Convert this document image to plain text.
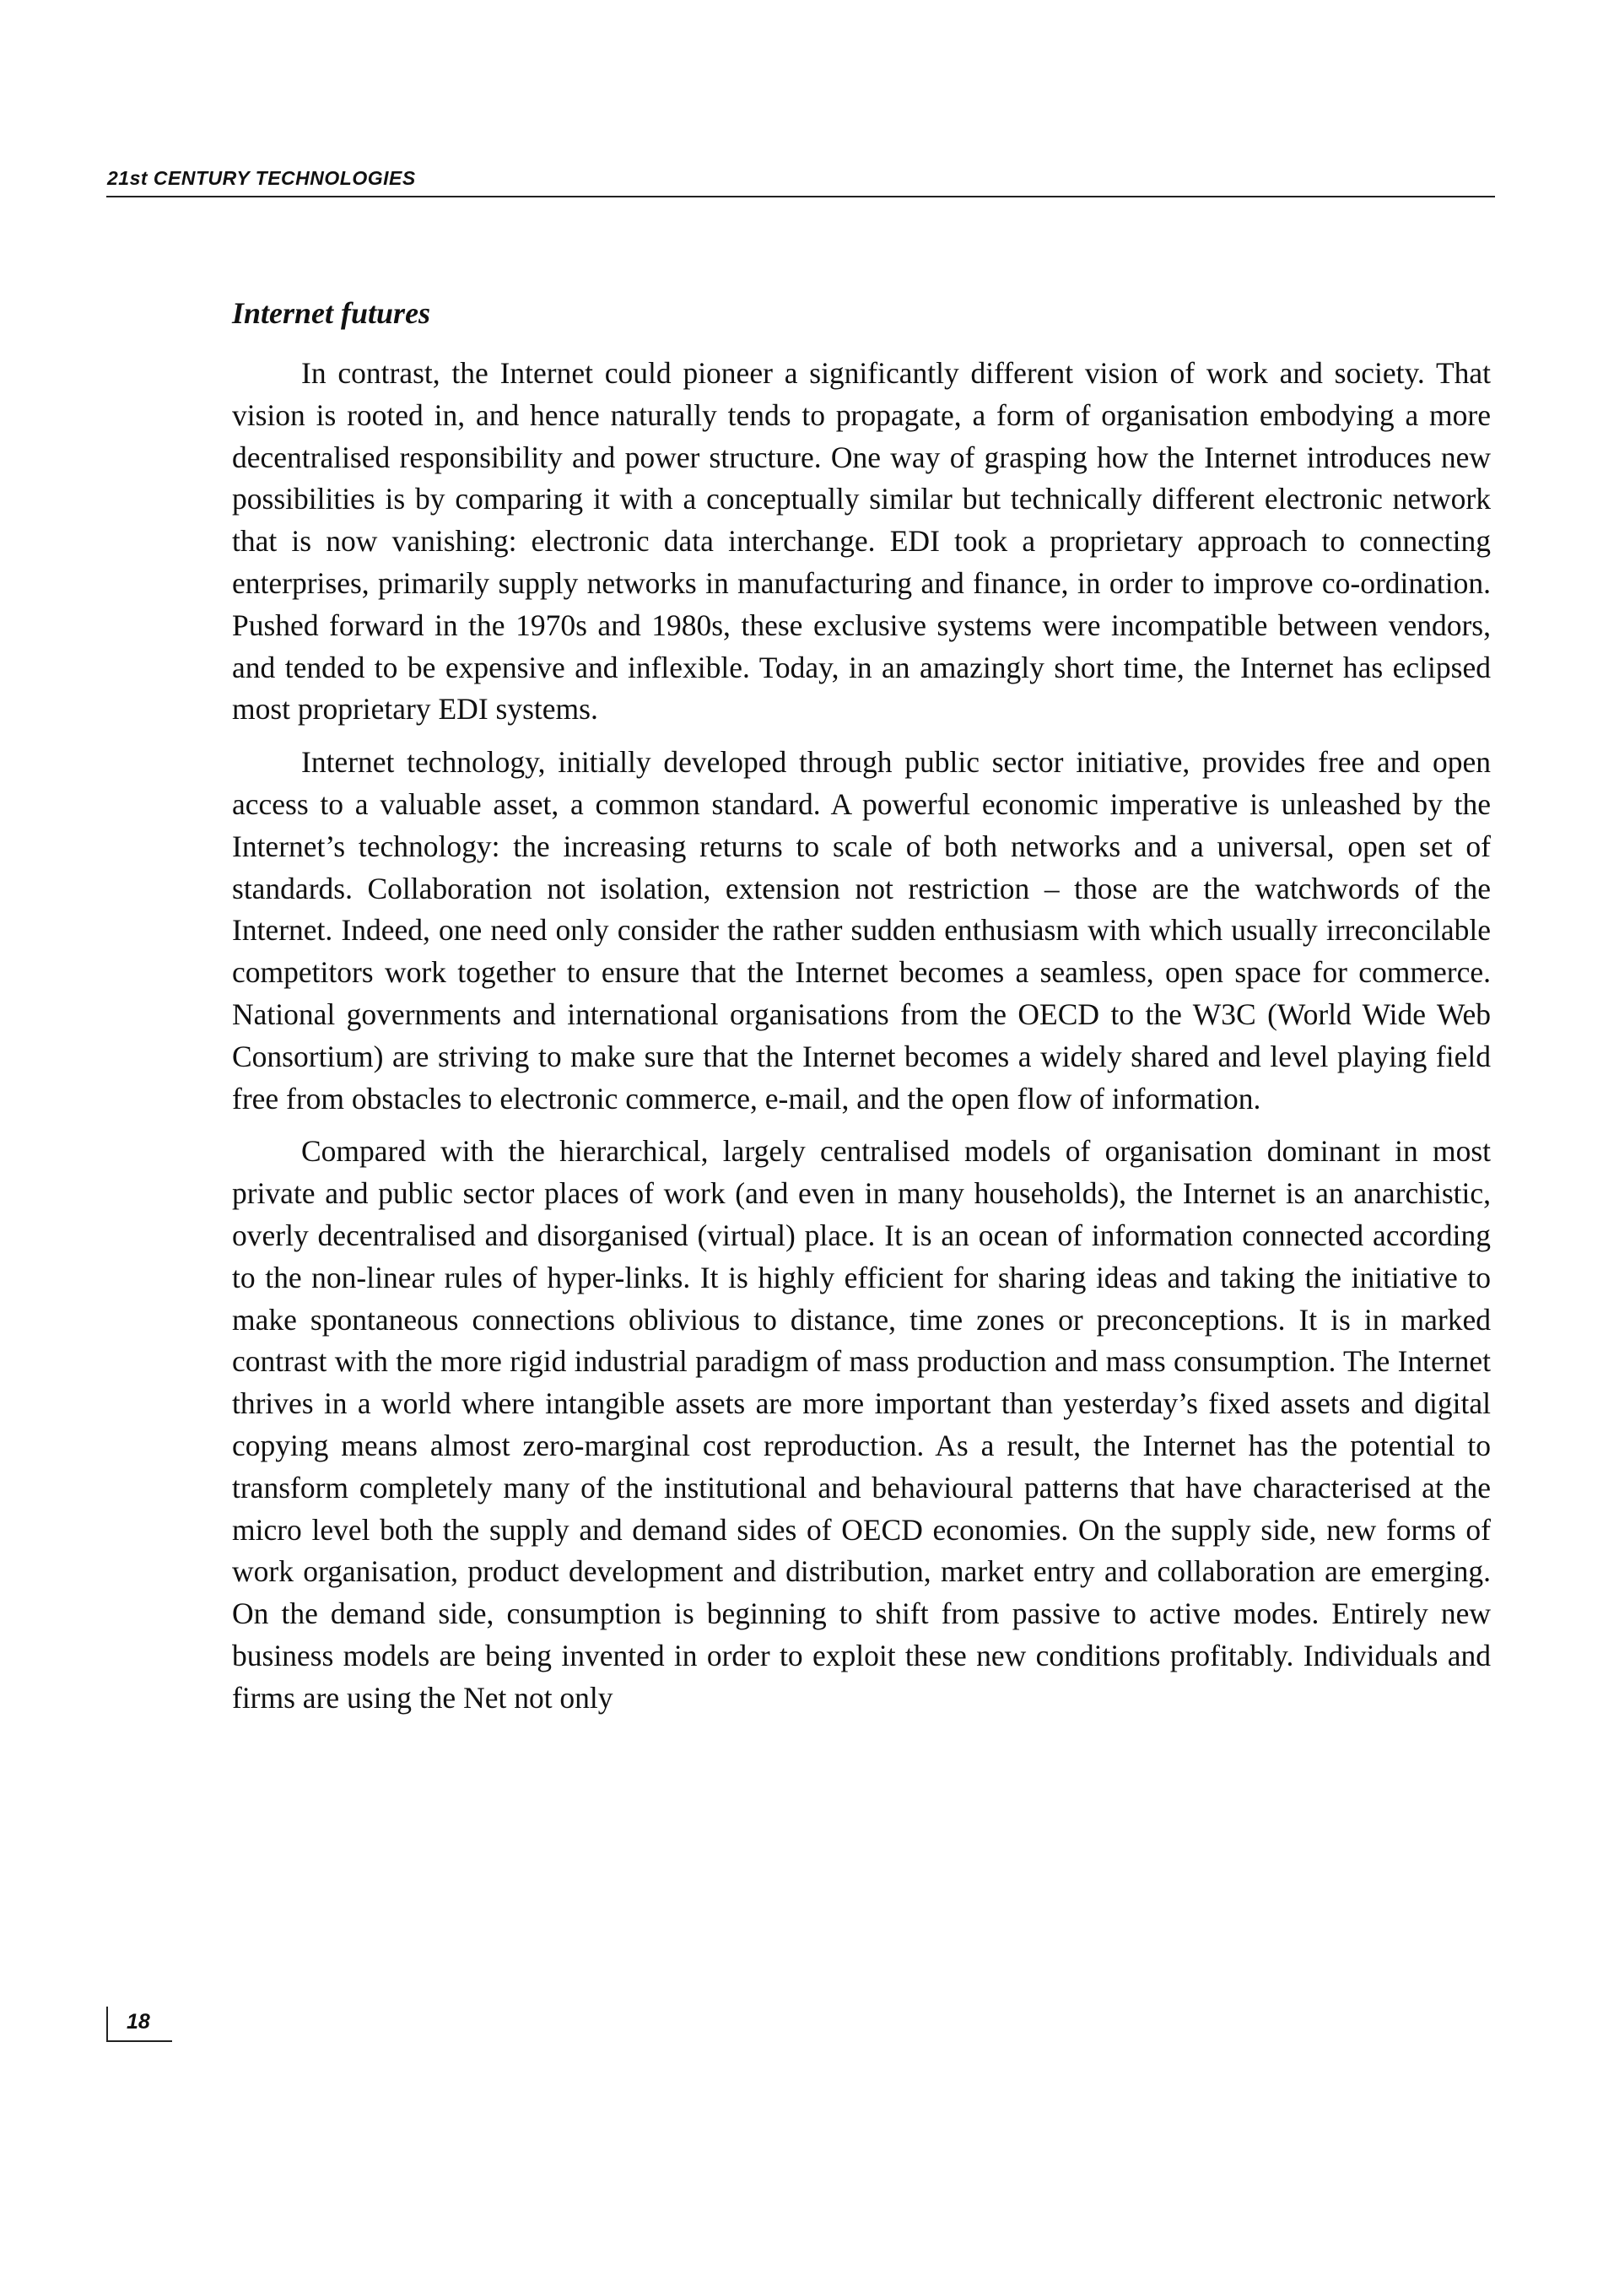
21st CENTURY TECHNOLOGIES
Internet futures

In contrast, the Internet could pioneer a significantly different vision of work and society. That vision is rooted in, and hence naturally tends to propagate, a form of organisation embodying a more decentralised responsibility and power structure. One way of grasping how the Internet introduces new possibilities is by comparing it with a conceptually similar but technically different electronic network that is now vanishing: electronic data interchange. EDI took a proprietary approach to connecting enterprises, primarily supply networks in manufacturing and finance, in order to improve co-ordination. Pushed forward in the 1970s and 1980s, these exclusive systems were incompatible between vendors, and tended to be expensive and inflexible. Today, in an amazingly short time, the Internet has eclipsed most proprietary EDI systems.

Internet technology, initially developed through public sector initiative, provides free and open access to a valuable asset, a common standard. A powerful economic imperative is unleashed by the Internet’s technology: the increasing returns to scale of both networks and a universal, open set of standards. Collaboration not isolation, extension not restriction – those are the watchwords of the Internet. Indeed, one need only consider the rather sudden enthusiasm with which usually irreconcilable competitors work together to ensure that the Internet becomes a seamless, open space for commerce. National governments and international organisations from the OECD to the W3C (World Wide Web Consortium) are striving to make sure that the Internet becomes a widely shared and level playing field free from obstacles to electronic commerce, e-mail, and the open flow of information.

Compared with the hierarchical, largely centralised models of organisation dominant in most private and public sector places of work (and even in many households), the Internet is an anarchistic, overly decentralised and disorganised (virtual) place. It is an ocean of information connected according to the non-linear rules of hyper-links. It is highly efficient for sharing ideas and taking the initiative to make spontaneous connections oblivious to distance, time zones or preconceptions. It is in marked contrast with the more rigid industrial paradigm of mass production and mass consumption. The Internet thrives in a world where intangible assets are more important than yesterday’s fixed assets and digital copying means almost zero-marginal cost reproduction. As a result, the Internet has the potential to transform completely many of the institutional and behavioural patterns that have characterised at the micro level both the supply and demand sides of OECD economies. On the supply side, new forms of work organisation, product development and distribution, market entry and collaboration are emerging. On the demand side, consumption is beginning to shift from passive to active modes. Entirely new business models are being invented in order to exploit these new conditions profitably. Individuals and firms are using the Net not only

18
